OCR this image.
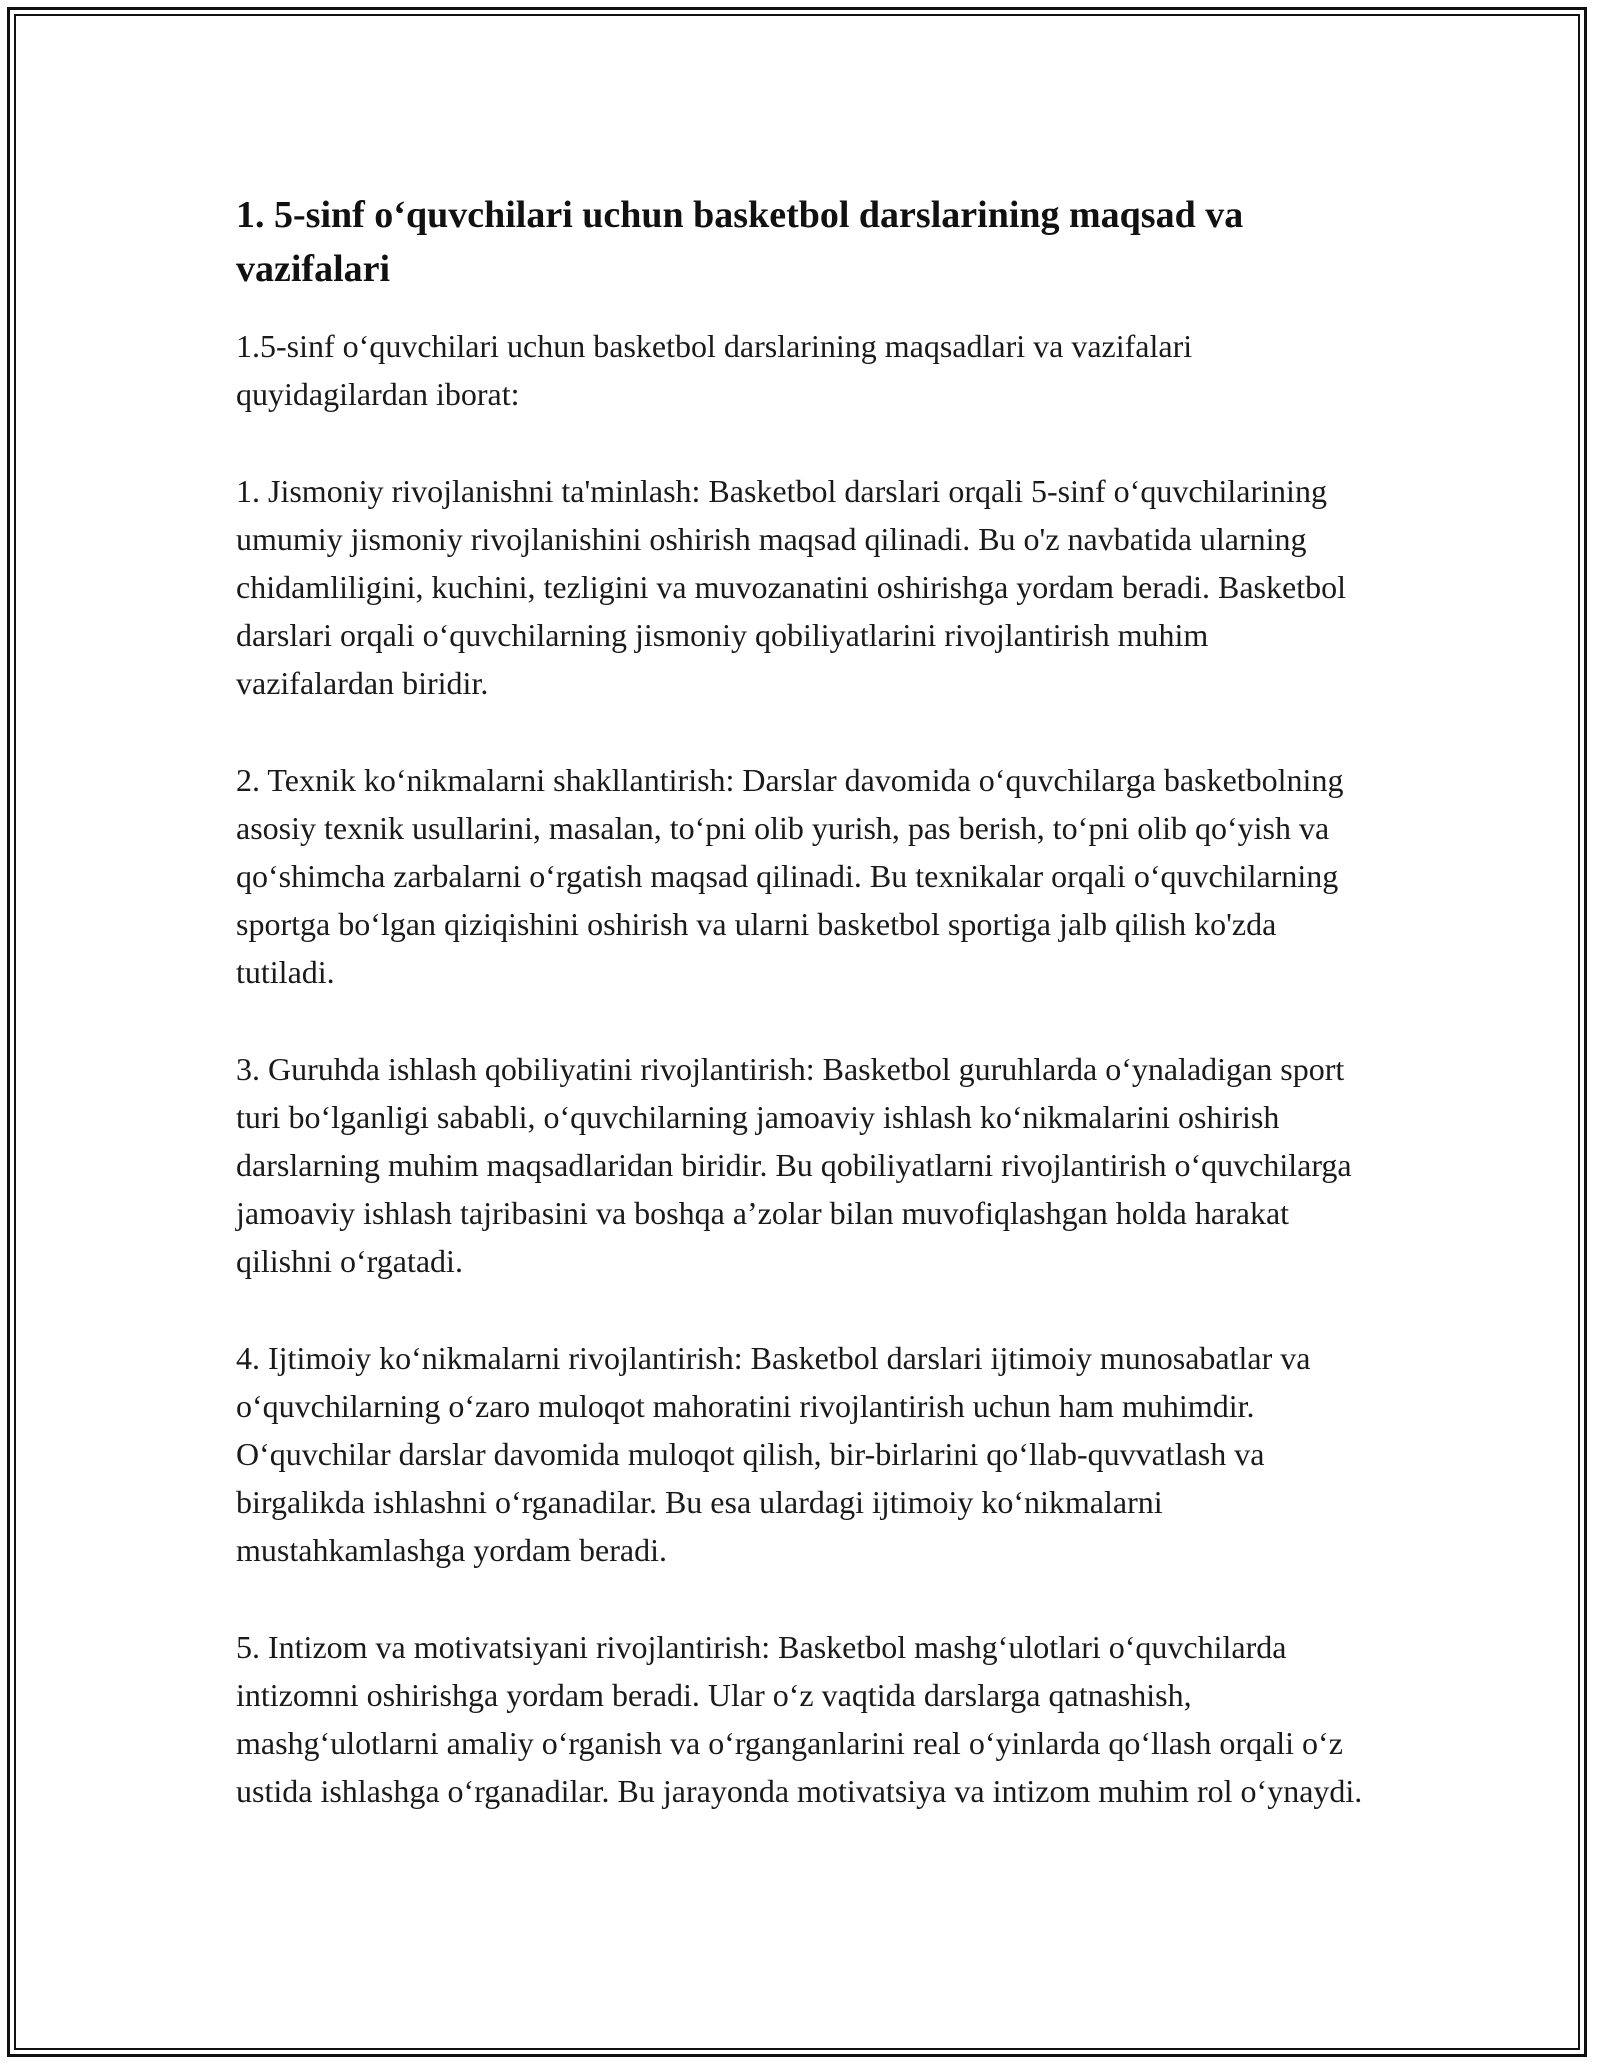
1. 5-sinf o‘quvchilari uchun basketbol darslarining maqsad va vazifalari

1.5-sinf o‘quvchilari uchun basketbol darslarining maqsadlari va vazifalari quyidagilardan iborat:

1. Jismoniy rivojlanishni ta'minlash: Basketbol darslari orqali 5-sinf o‘quvchilarining umumiy jismoniy rivojlanishini oshirish maqsad qilinadi. Bu o'z navbatida ularning chidamliligini, kuchini, tezligini va muvozanatini oshirishga yordam beradi. Basketbol darslari orqali o‘quvchilarning jismoniy qobiliyatlarini rivojlantirish muhim vazifalardan biridir.

2. Texnik ko‘nikmalarni shakllantirish: Darslar davomida o‘quvchilarga basketbolning asosiy texnik usullarini, masalan, to‘pni olib yurish, pas berish, to‘pni olib qo‘yish va qo‘shimcha zarbalarni o‘rgatish maqsad qilinadi. Bu texnikalar orqali o‘quvchilarning sportga bo‘lgan qiziqishini oshirish va ularni basketbol sportiga jalb qilish ko'zda tutiladi.

3. Guruhda ishlash qobiliyatini rivojlantirish: Basketbol guruhlarda o‘ynaladigan sport turi bo‘lganligi sababli, o‘quvchilarning jamoaviy ishlash ko‘nikmalarini oshirish darslarning muhim maqsadlaridan biridir. Bu qobiliyatlarni rivojlantirish o‘quvchilarga jamoaviy ishlash tajribasini va boshqa a’zolar bilan muvofiqlashgan holda harakat qilishni o‘rgatadi.

4. Ijtimoiy ko‘nikmalarni rivojlantirish: Basketbol darslari ijtimoiy munosabatlar va o‘quvchilarning o‘zaro muloqot mahoratini rivojlantirish uchun ham muhimdir. O‘quvchilar darslar davomida muloqot qilish, bir-birlarini qo‘llab-quvvatlash va birgalikda ishlashni o‘rganadilar. Bu esa ulardagi ijtimoiy ko‘nikmalarni mustahkamlashga yordam beradi.

5. Intizom va motivatsiyani rivojlantirish: Basketbol mashg‘ulotlari o‘quvchilarda intizomni oshirishga yordam beradi. Ular o‘z vaqtida darslarga qatnashish, mashg‘ulotlarni amaliy o‘rganish va o‘rganganlarini real o‘yinlarda qo‘llash orqali o‘z ustida ishlashga o‘rganadilar. Bu jarayonda motivatsiya va intizom muhim rol o‘ynaydi.
